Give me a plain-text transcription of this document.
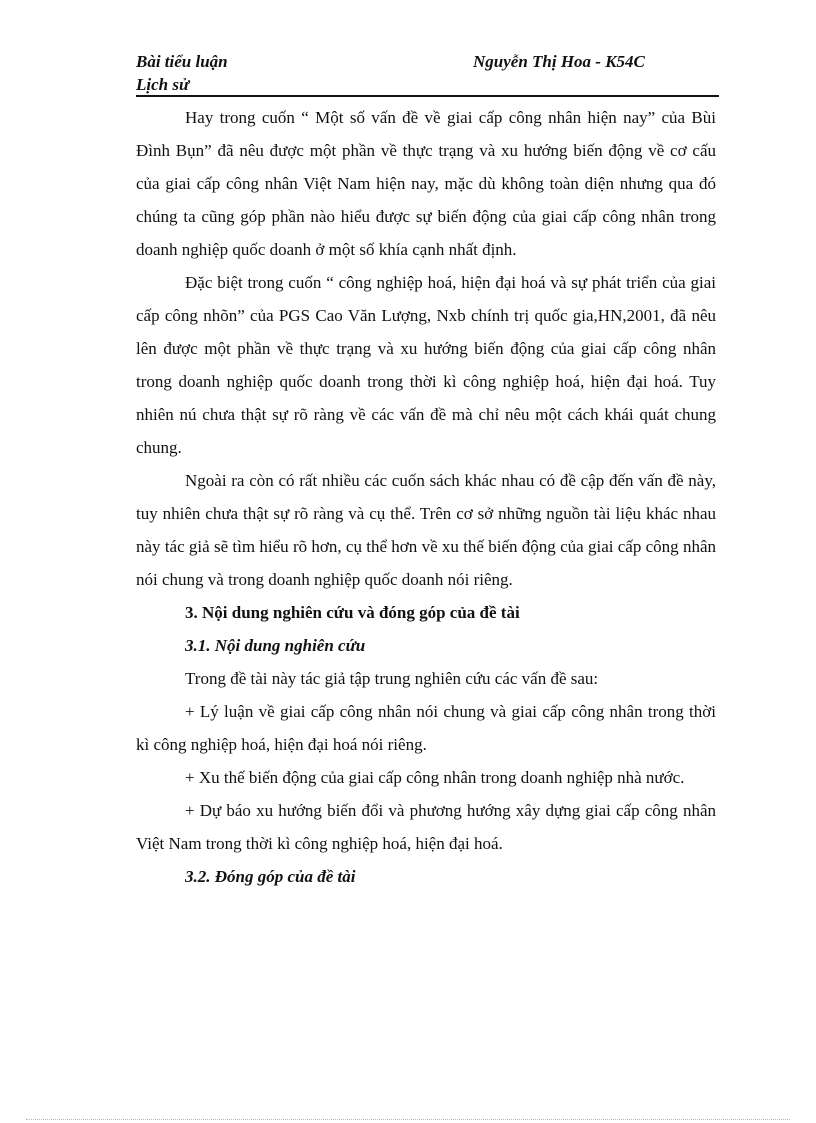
Bài tiểu luận	Nguyễn Thị Hoa - K54C
Lịch sử

Hay trong cuốn “ Một số vấn đề về giai cấp công nhân hiện nay” của Bùi Đình Bụn” đã nêu được một phần về thực trạng và xu hướng biến động về cơ cấu của giai cấp công nhân Việt Nam hiện nay, mặc dù không toàn diện nhưng qua đó chúng ta cũng góp phần nào hiểu được sự biến động của giai cấp công nhân trong doanh nghiệp quốc doanh ở một số khía cạnh nhất định.

Đặc biệt trong cuốn “ công nghiệp hoá, hiện đại hoá và sự phát triển của giai cấp công nhõn” của PGS Cao Văn Lượng, Nxb chính trị quốc gia,HN,2001, đã nêu lên được một phần về thực trạng và xu hướng biến động của giai cấp công nhân trong doanh nghiệp quốc doanh trong thời kì công nghiệp hoá, hiện đại hoá. Tuy nhiên nú chưa thật sự rõ ràng về các vấn đề mà chỉ nêu một cách khái quát chung chung.

Ngoài ra còn có rất nhiều các cuốn sách khác nhau có đề cập đến vấn đề này, tuy nhiên chưa thật sự rõ ràng và cụ thể. Trên cơ sở những nguồn tài liệu khác nhau này tác giả sẽ tìm hiểu rõ hơn, cụ thể hơn về xu thế biến động của giai cấp công nhân nói chung và trong doanh nghiệp quốc doanh nói riêng.

3. Nội dung nghiên cứu và đóng góp của đề tài

3.1. Nội dung nghiên cứu

Trong đề tài này tác giả tập trung nghiên cứu các vấn đề sau:

+ Lý luận về giai cấp công nhân nói chung và giai cấp công nhân trong thời kì công nghiệp hoá, hiện đại hoá nói riêng.

+ Xu thế biến động của giai cấp công nhân trong doanh nghiệp nhà nước.

+ Dự báo xu hướng biến đổi và phương hướng xây dựng giai cấp công nhân Việt Nam trong thời kì công nghiệp hoá, hiện đại hoá.

3.2. Đóng góp của đề tài
